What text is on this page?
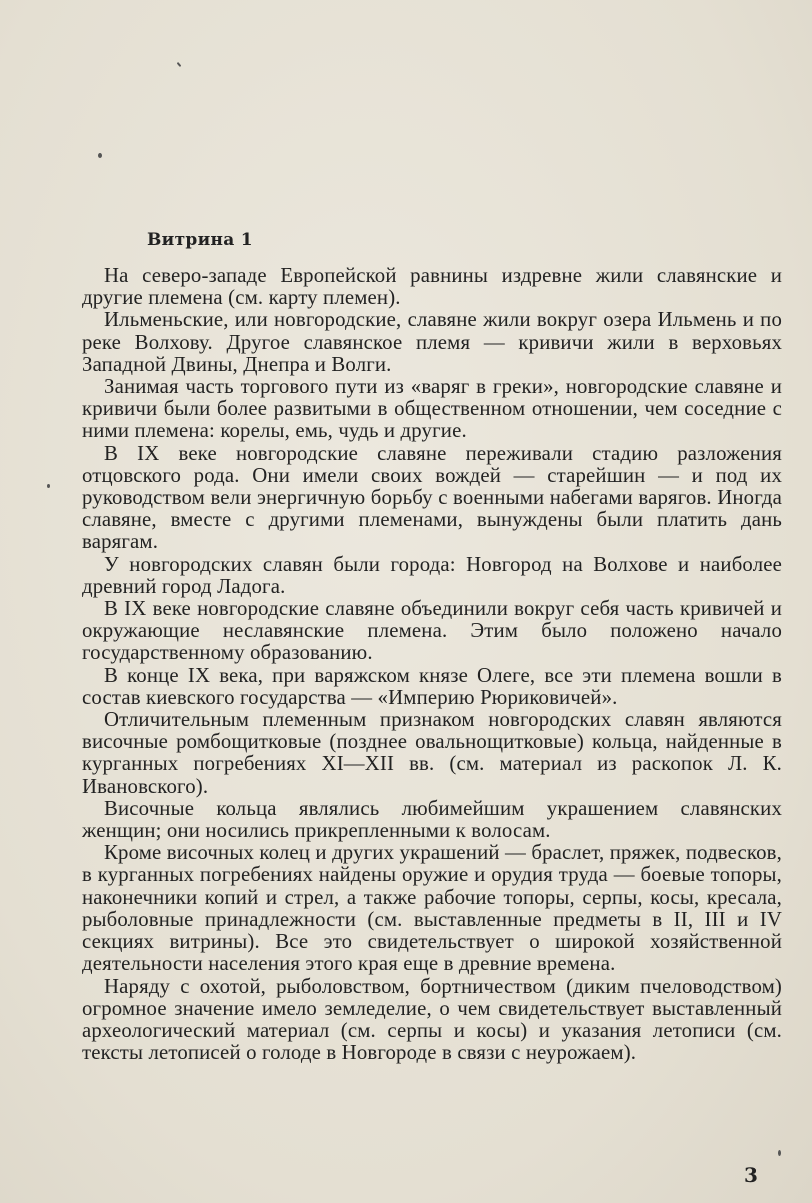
Витрина 1

На северо-западе Европейской равнины издревне жили славянские и другие племена (см. карту племен).

Ильменьские, или новгородские, славяне жили вокруг озера Ильмень и по реке Волхову. Другое славянское племя — кривичи жили в верховьях Западной Двины, Днепра и Волги.

Занимая часть торгового пути из «варяг в греки», новгородские славяне и кривичи были более развитыми в общественном отношении, чем соседние с ними племена: корелы, емь, чудь и другие.

В IX веке новгородские славяне переживали стадию разложения отцовского рода. Они имели своих вождей — старейшин — и под их руководством вели энергичную борьбу с военными набегами варягов. Иногда славяне, вместе с другими племенами, вынуждены были платить дань варягам.

У новгородских славян были города: Новгород на Волхове и наиболее древний город Ладога.

В IX веке новгородские славяне объединили вокруг себя часть кривичей и окружающие неславянские племена. Этим было положено начало государственному образованию.

В конце IX века, при варяжском князе Олеге, все эти племена вошли в состав киевского государства — «Империю Рюриковичей».

Отличительным племенным признаком новгородских славян являются височные ромбощитковые (позднее овальнощитковые) кольца, найденные в курганных погребениях XI—XII вв. (см. материал из раскопок Л. К. Ивановского).

Височные кольца являлись любимейшим украшением славянских женщин; они носились прикрепленными к волосам.

Кроме височных колец и других украшений — браслет, пряжек, подвесков, в курганных погребениях найдены оружие и орудия труда — боевые топоры, наконечники копий и стрел, а также рабочие топоры, серпы, косы, кресала, рыболовные принадлежности (см. выставленные предметы в II, III и IV секциях витрины). Все это свидетельствует о широкой хозяйственной деятельности населения этого края еще в древние времена.

Наряду с охотой, рыболовством, бортничеством (диким пчеловодством) огромное значение имело земледелие, о чем свидетельствует выставленный археологический материал (см. серпы и косы) и указания летописи (см. тексты летописей о голоде в Новгороде в связи с неурожаем).

3
